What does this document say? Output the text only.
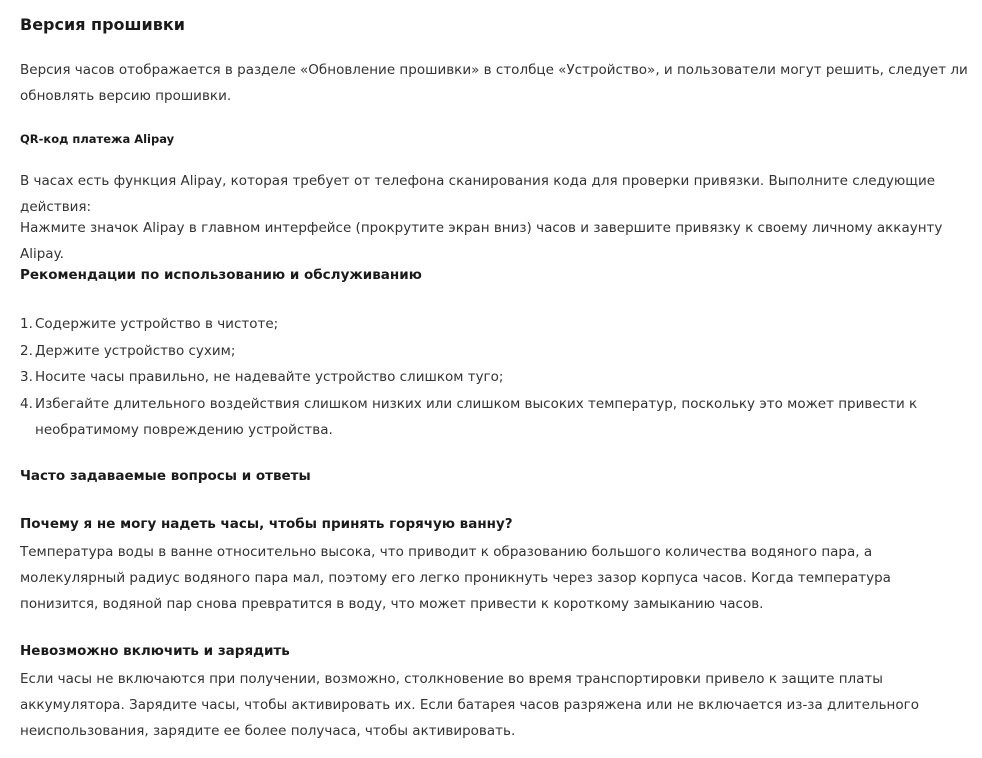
Версия прошивки

Версия часов отображается в разделе «Обновление прошивки» в столбце «Устройство», и пользователи могут решить, следует ли обновлять версию прошивки.

QR-код платежа Alipay

В часах есть функция Alipay, которая требует от телефона сканирования кода для проверки привязки. Выполните следующие действия:

Нажмите значок Alipay в главном интерфейсе (прокрутите экран вниз) часов и завершите привязку к своему личному аккаунту Alipay.

Рекомендации по использованию и обслуживанию
1. Содержите устройство в чистоте;
2. Держите устройство сухим;
3. Носите часы правильно, не надевайте устройство слишком туго;
4. Избегайте длительного воздействия слишком низких или слишком высоких температур, поскольку это может привести к необратимому повреждению устройства.
Часто задаваемые вопросы и ответы
Почему я не могу надеть часы, чтобы принять горячую ванну?

Температура воды в ванне относительно высока, что приводит к образованию большого количества водяного пара, а молекулярный радиус водяного пара мал, поэтому его легко проникнуть через зазор корпуса часов. Когда температура понизится, водяной пар снова превратится в воду, что может привести к короткому замыканию часов.

Невозможно включить и зарядить

Если часы не включаются при получении, возможно, столкновение во время транспортировки привело к защите платы аккумулятора. Зарядите часы, чтобы активировать их. Если батарея часов разряжена или не включается из-за длительного неиспользования, зарядите ее более получаса, чтобы активировать.
